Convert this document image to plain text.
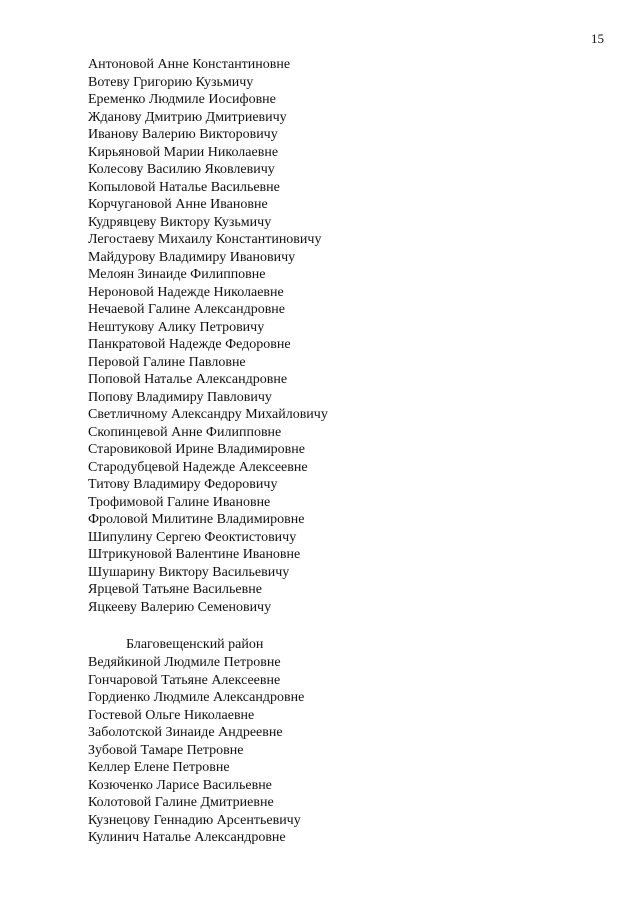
15
Антоновой Анне Константиновне
Вотеву Григорию Кузьмичу
Еременко Людмиле Иосифовне
Жданову Дмитрию Дмитриевичу
Иванову Валерию Викторовичу
Кирьяновой Марии Николаевне
Колесову Василию Яковлевичу
Копыловой Наталье Васильевне
Корчугановой Анне Ивановне
Кудрявцеву Виктору Кузьмичу
Легостаеву Михаилу Константиновичу
Майдурову Владимиру Ивановичу
Мелоян Зинаиде Филипповне
Нероновой Надежде Николаевне
Нечаевой Галине Александровне
Нештукову Алику Петровичу
Панкратовой Надежде Федоровне
Перовой Галине Павловне
Поповой Наталье Александровне
Попову Владимиру Павловичу
Светличному Александру Михайловичу
Скопинцевой Анне Филипповне
Старовиковой Ирине Владимировне
Стародубцевой Надежде Алексеевне
Титову Владимиру Федоровичу
Трофимовой Галине Ивановне
Фроловой Милитине Владимировне
Шипулину Сергею Феоктистовичу
Штрикуновой Валентине Ивановне
Шушарину Виктору Васильевичу
Ярцевой Татьяне Васильевне
Яцкееву Валерию Семеновичу
Благовещенский район
Ведяйкиной Людмиле Петровне
Гончаровой Татьяне Алексеевне
Гордиенко Людмиле Александровне
Гостевой Ольге Николаевне
Заболотской Зинаиде Андреевне
Зубовой Тамаре Петровне
Келлер Елене Петровне
Козюченко Ларисе Васильевне
Колотовой Галине Дмитриевне
Кузнецову Геннадию Арсентьевичу
Кулинич Наталье Александровне
